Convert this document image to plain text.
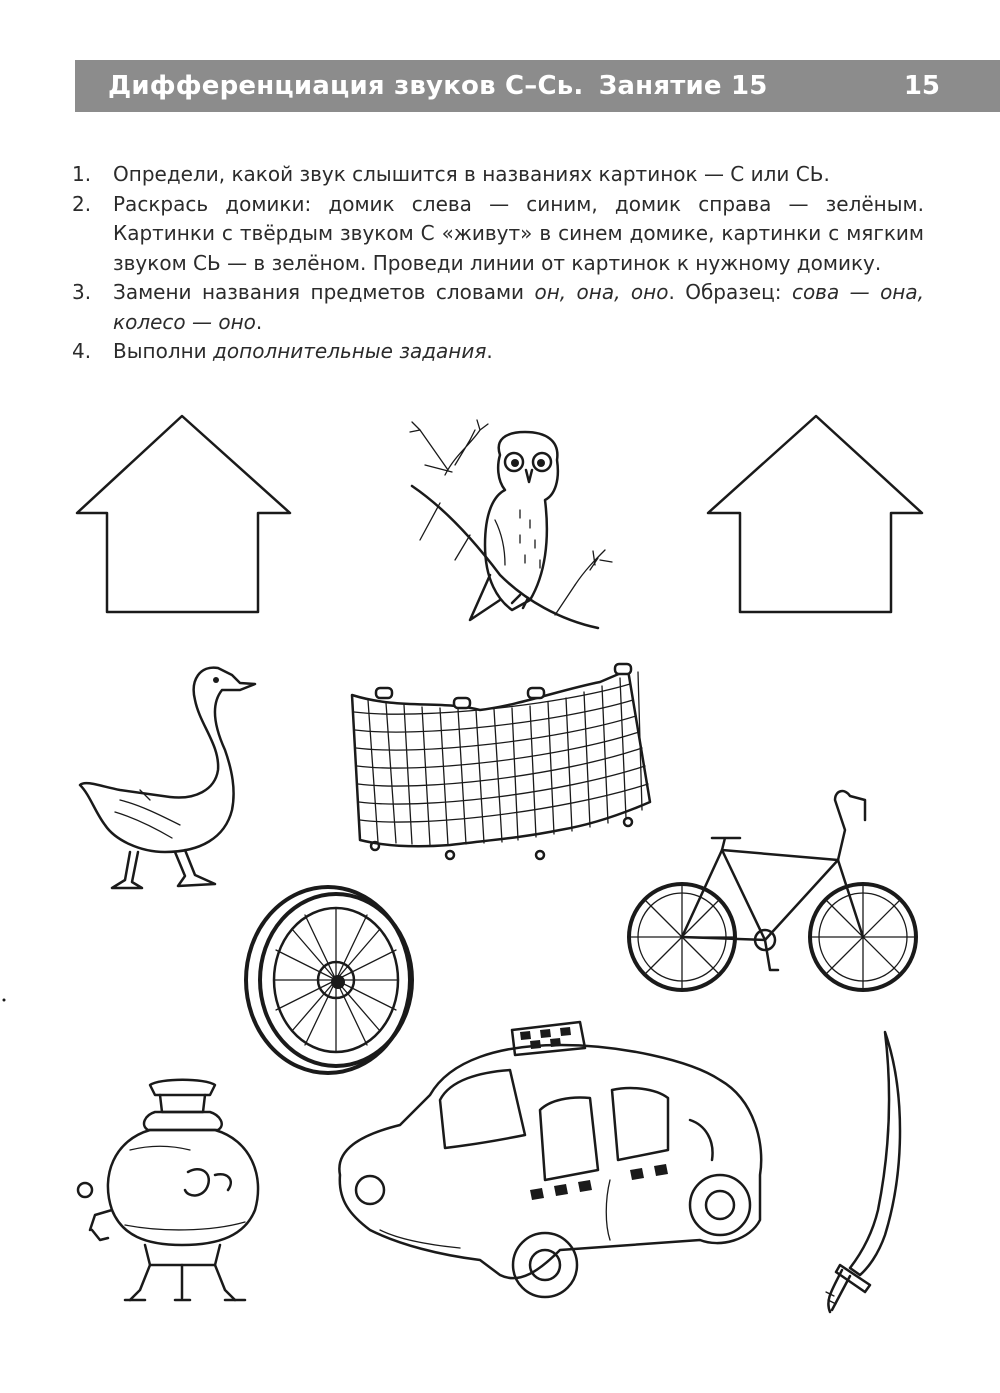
Дифференциация звуков С–Сь. Занятие 15	15
1.	Определи, какой звук слышится в названиях картинок — С или СЬ.
2.	Раскрась домики: домик слева — синим, домик справа — зелёным. Картинки с твёрдым звуком С «живут» в синем домике, картинки с мягким звуком СЬ — в зелёном. Проведи линии от картинок к нужному домику.
3.	Замени названия предметов словами он, она, оно. Образец: сова — она, колесо — оно.
4.	Выполни дополнительные задания.
